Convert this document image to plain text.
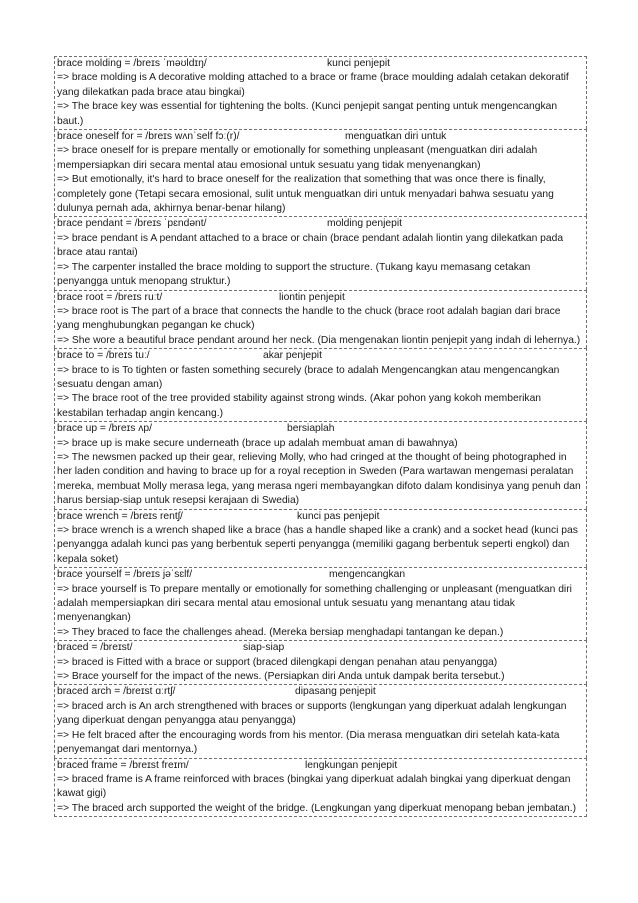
brace molding = /breɪs ˈməʊldɪŋ/	kunci penjepit
=> brace molding is A decorative molding attached to a brace or frame (brace moulding adalah cetakan dekoratif yang dilekatkan pada brace atau bingkai)
=> The brace key was essential for tightening the bolts. (Kunci penjepit sangat penting untuk mengencangkan baut.)
brace oneself for = /breɪs wʌnˈself fɔː(r)/	menguatkan diri untuk
=> brace oneself for is prepare mentally or emotionally for something unpleasant (menguatkan diri adalah mempersiapkan diri secara mental atau emosional untuk sesuatu yang tidak menyenangkan)
=> But emotionally, it's hard to brace oneself for the realization that something that was once there is finally, completely gone (Tetapi secara emosional, sulit untuk menguatkan diri untuk menyadari bahwa sesuatu yang dulunya pernah ada, akhirnya benar-benar hilang)
brace pendant = /breɪs ˈpɛndənt/	molding penjepit
=> brace pendant is A pendant attached to a brace or chain (brace pendant adalah liontin yang dilekatkan pada brace atau rantai)
=> The carpenter installed the brace molding to support the structure. (Tukang kayu memasang cetakan penyangga untuk menopang struktur.)
brace root = /breɪs ruːt/	liontin penjepit
=> brace root is The part of a brace that connects the handle to the chuck (brace root adalah bagian dari brace yang menghubungkan pegangan ke chuck)
=> She wore a beautiful brace pendant around her neck. (Dia mengenakan liontin penjepit yang indah di lehernya.)
brace to = /breɪs tuː/	akar penjepit
=> brace to is To tighten or fasten something securely (brace to adalah Mengencangkan atau mengencangkan sesuatu dengan aman)
=> The brace root of the tree provided stability against strong winds. (Akar pohon yang kokoh memberikan kestabilan terhadap angin kencang.)
brace up = /breɪs ʌp/	bersiaplah
=> brace up is make secure underneath (brace up adalah membuat aman di bawahnya)
=> The newsmen packed up their gear, relieving Molly, who had cringed at the thought of being photographed in her laden condition and having to brace up for a royal reception in Sweden (Para wartawan mengemasi peralatan mereka, membuat Molly merasa lega, yang merasa ngeri membayangkan difoto dalam kondisinya yang penuh dan harus bersiap-siap untuk resepsi kerajaan di Swedia)
brace wrench = /breɪs rentʃ/	kunci pas penjepit
=> brace wrench is a wrench shaped like a brace (has a handle shaped like a crank) and a socket head (kunci pas penyangga adalah kunci pas yang berbentuk seperti penyangga (memiliki gagang berbentuk seperti engkol) dan kepala soket)
brace yourself = /breɪs jəˈsɛlf/	mengencangkan
=> brace yourself is To prepare mentally or emotionally for something challenging or unpleasant (menguatkan diri adalah mempersiapkan diri secara mental atau emosional untuk sesuatu yang menantang atau tidak menyenangkan)
=> They braced to face the challenges ahead. (Mereka bersiap menghadapi tantangan ke depan.)
braced = /breɪst/	siap-siap
=> braced is Fitted with a brace or support (braced dilengkapi dengan penahan atau penyangga)
=> Brace yourself for the impact of the news. (Persiapkan diri Anda untuk dampak berita tersebut.)
braced arch = /breɪst ɑːrtʃ/	dipasang penjepit
=> braced arch is An arch strengthened with braces or supports (lengkungan yang diperkuat adalah lengkungan yang diperkuat dengan penyangga atau penyangga)
=> He felt braced after the encouraging words from his mentor. (Dia merasa menguatkan diri setelah kata-kata penyemangat dari mentornya.)
braced frame = /breɪst freɪm/	lengkungan penjepit
=> braced frame is A frame reinforced with braces (bingkai yang diperkuat adalah bingkai yang diperkuat dengan kawat gigi)
=> The braced arch supported the weight of the bridge. (Lengkungan yang diperkuat menopang beban jembatan.)
